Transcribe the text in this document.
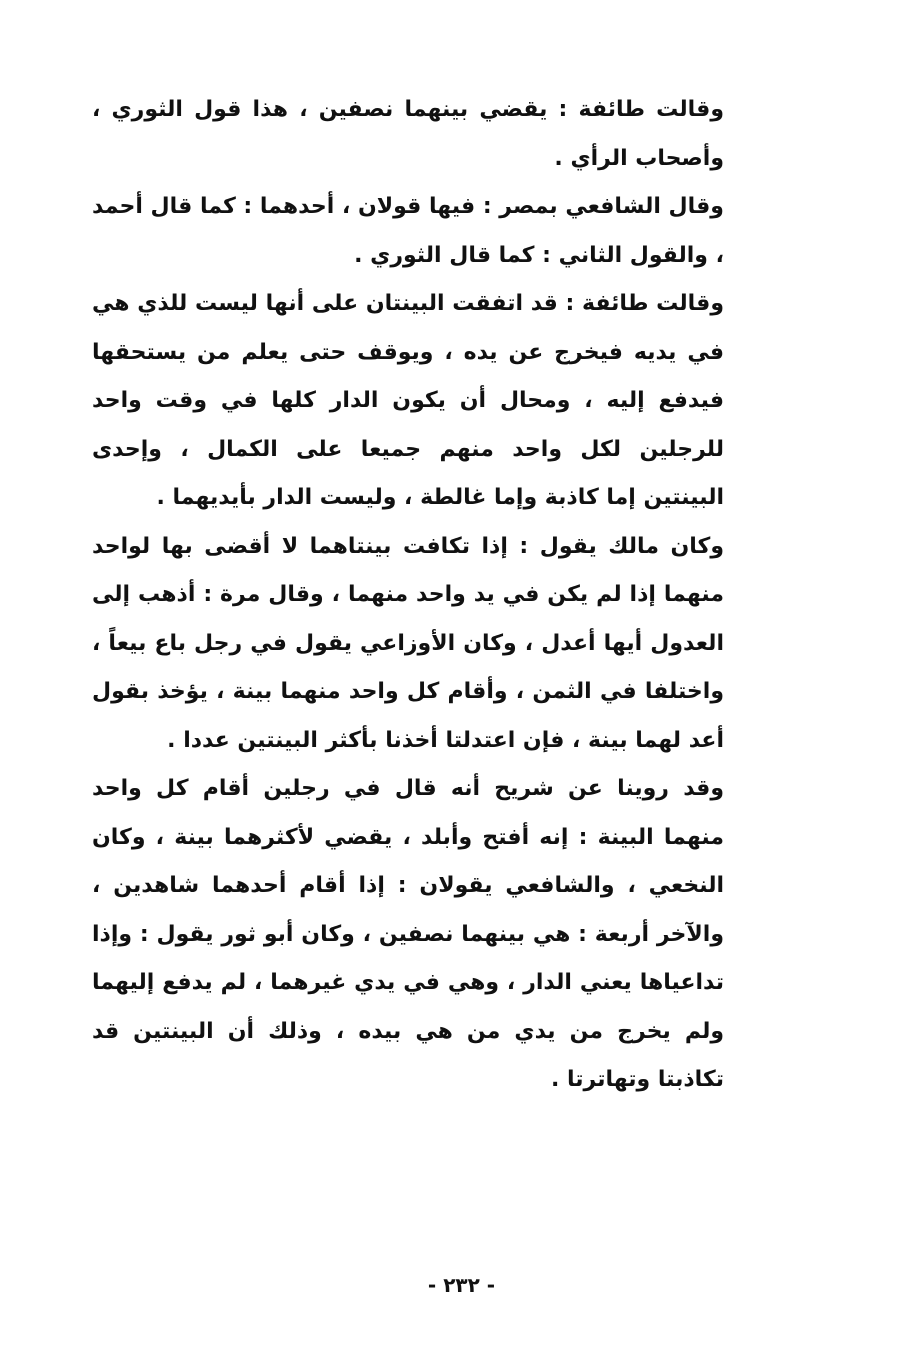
وقالت طائفة : يقضي بينهما نصفين ، هذا قول الثوري ، وأصحاب الرأي .

وقال الشافعي بمصر : فيها قولان ، أحدهما : كما قال أحمد ، والقول الثاني : كما قال الثوري .

وقالت طائفة : قد اتفقت البينتان على أنها ليست للذي هي في يديه فيخرج عن يده ، ويوقف حتى يعلم من يستحقها فيدفع إليه ، ومحال أن يكون الدار كلها في وقت واحد للرجلين لكل واحد منهم جميعا على الكمال ، وإحدى البينتين إما كاذبة وإما غالطة ، وليست الدار بأيديهما .

وكان مالك يقول : إذا تكافت بينتاهما لا أقضى بها لواحد منهما إذا لم يكن في يد واحد منهما ، وقال مرة : أذهب إلى العدول أيها أعدل ، وكان الأوزاعي يقول في رجل باع بيعاً ، واختلفا في الثمن ، وأقام كل واحد منهما بينة ، يؤخذ بقول أعد لهما بينة ، فإن اعتدلتا أخذنا بأكثر البينتين عددا .

وقد روينا عن شريح أنه قال في رجلين أقام كل واحد منهما البينة : إنه أفتح وأبلد ، يقضي لأكثرهما بينة ، وكان النخعي ، والشافعي يقولان : إذا أقام أحدهما شاهدين ، والآخر أربعة : هي بينهما نصفين ، وكان أبو ثور يقول : وإذا تداعياها يعني الدار ، وهي في يدي غيرهما ، لم يدفع إليهما ولم يخرج من يدي من هي بيده ، وذلك أن البينتين قد تكاذبتا وتهاترتا .

- ٢٣٢ -
